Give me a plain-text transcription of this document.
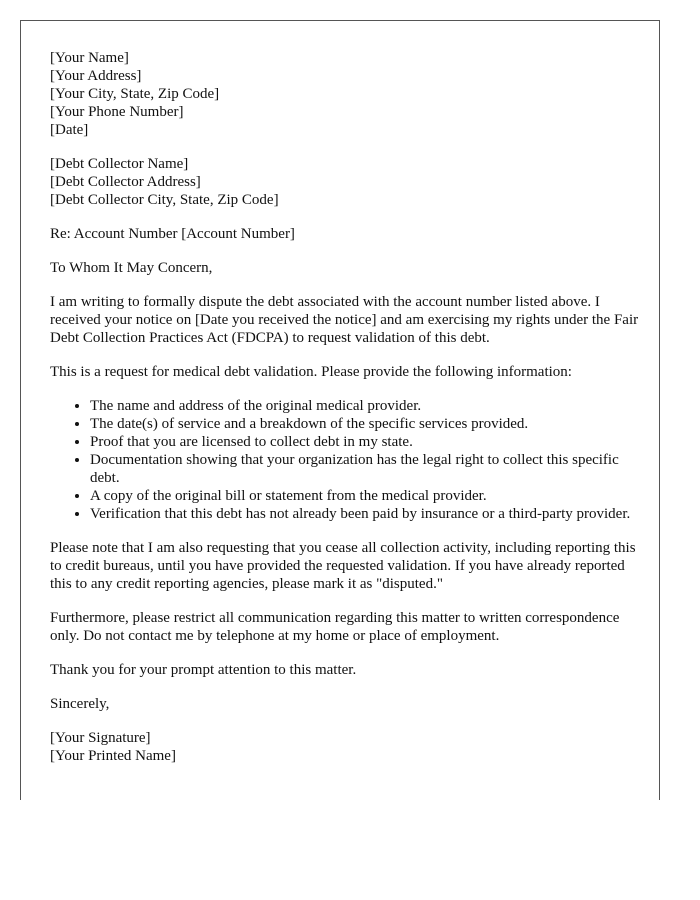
[Your Name]
[Your Address]
[Your City, State, Zip Code]
[Your Phone Number]
[Date]
[Debt Collector Name]
[Debt Collector Address]
[Debt Collector City, State, Zip Code]

Re: Account Number [Account Number]

To Whom It May Concern,

I am writing to formally dispute the debt associated with the account number listed above. I received your notice on [Date you received the notice] and am exercising my rights under the Fair Debt Collection Practices Act (FDCPA) to request validation of this debt.

This is a request for medical debt validation. Please provide the following information:

• The name and address of the original medical provider.
• The date(s) of service and a breakdown of the specific services provided.
• Proof that you are licensed to collect debt in my state.
• Documentation showing that your organization has the legal right to collect this specific debt.
• A copy of the original bill or statement from the medical provider.
• Verification that this debt has not already been paid by insurance or a third-party provider.

Please note that I am also requesting that you cease all collection activity, including reporting this to credit bureaus, until you have provided the requested validation. If you have already reported this to any credit reporting agencies, please mark it as "disputed."

Furthermore, please restrict all communication regarding this matter to written correspondence only. Do not contact me by telephone at my home or place of employment.

Thank you for your prompt attention to this matter.

Sincerely,

[Your Signature]
[Your Printed Name]
